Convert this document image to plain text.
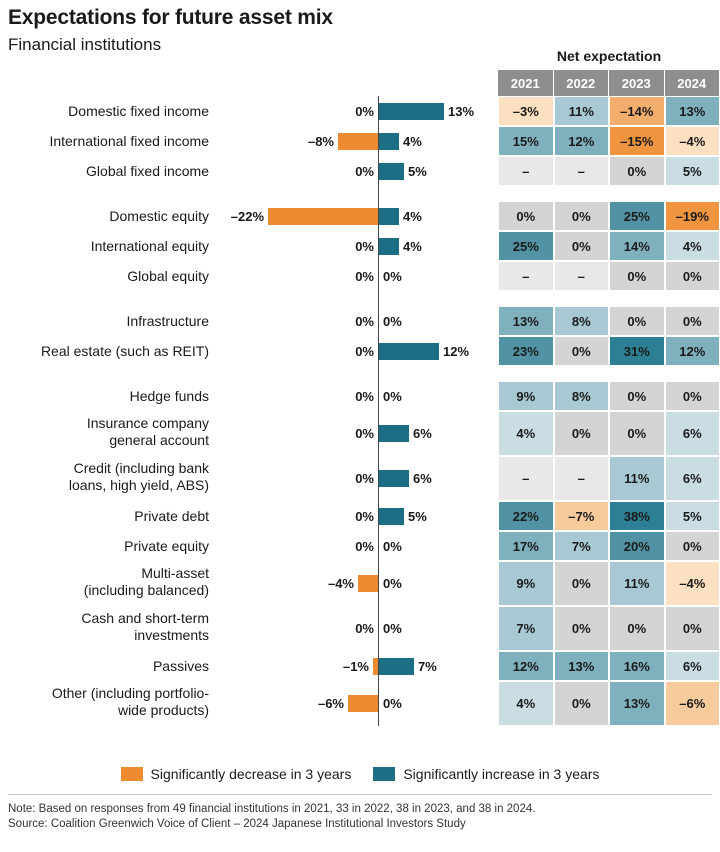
Expectations for future asset mix
Financial institutions
Net expectation
2021	2022	2023	2024
Domestic fixed income	0%	13%	–3%	11%	–14%	13%
International fixed income	–8%	4%	15%	12%	–15%	–4%
Global fixed income	0%	5%	–	–	0%	5%
Domestic equity	–22%	4%	0%	0%	25%	–19%
International equity	0% 4%	25%	0%	14%	4%
Global equity	0% 0%	–	–	0%	0%
Infrastructure	0% 0%	13%	8%	0%	0%
Real estate (such as REIT)	0%	12%	23%	0%	31%	12%
Hedge funds	0% 0%	9%	8%	0%	0%
Insurance company
general account	0%	6%	4%	0%	0%	6%
Credit (including bank
loans, high yield, ABS)	0%	6%	–	–	11%	6%
Private debt	0%	5%	22%	–7%	38%	5%
Private equity	0% 0%	17%	7%	20%	0%
Multi-asset
(including balanced)	–4% 0%	9%	0%	11%	–4%
Cash and short-term
investments	0% 0%	7%	0%	0%	0%
Passives	–1%	7%	12%	13%	16%	6%
Other (including portfolio-
wide products)	–6%	0%	4%	0%	13%	–6%
Significantly decrease in 3 years	Significantly increase in 3 years
Note: Based on responses from 49 financial institutions in 2021, 33 in 2022, 38 in 2023, and 38 in 2024.
Source: Coalition Greenwich Voice of Client – 2024 Japanese Institutional Investors Study
